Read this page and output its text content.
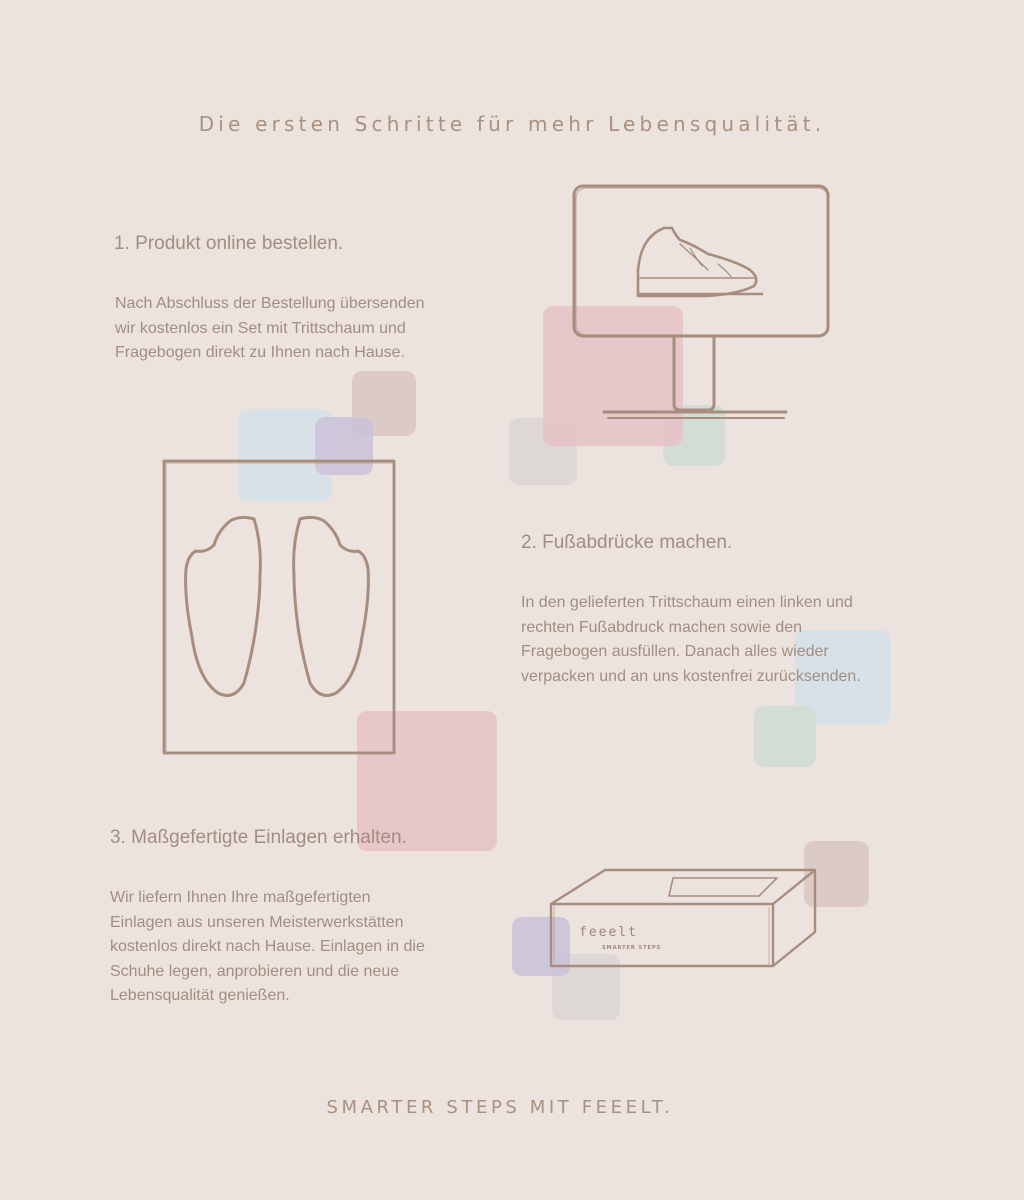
Die ersten Schritte für mehr Lebensqualität.
feeelt
SMARTER STEPS
1. Produkt online bestellen.
Nach Abschluss der Bestellung übersenden
wir kostenlos ein Set mit Trittschaum und
Fragebogen direkt zu Ihnen nach Hause.
2. Fußabdrücke machen.
In den gelieferten Trittschaum einen linken und
rechten Fußabdruck machen sowie den
Fragebogen ausfüllen. Danach alles wieder
verpacken und an uns kostenfrei zurücksenden.
3. Maßgefertigte Einlagen erhalten.
Wir liefern Ihnen Ihre maßgefertigten
Einlagen aus unseren Meisterwerkstätten
kostenlos direkt nach Hause. Einlagen in die
Schuhe legen, anprobieren und die neue
Lebensqualität genießen.
SMARTER STEPS MIT FEEELT.
